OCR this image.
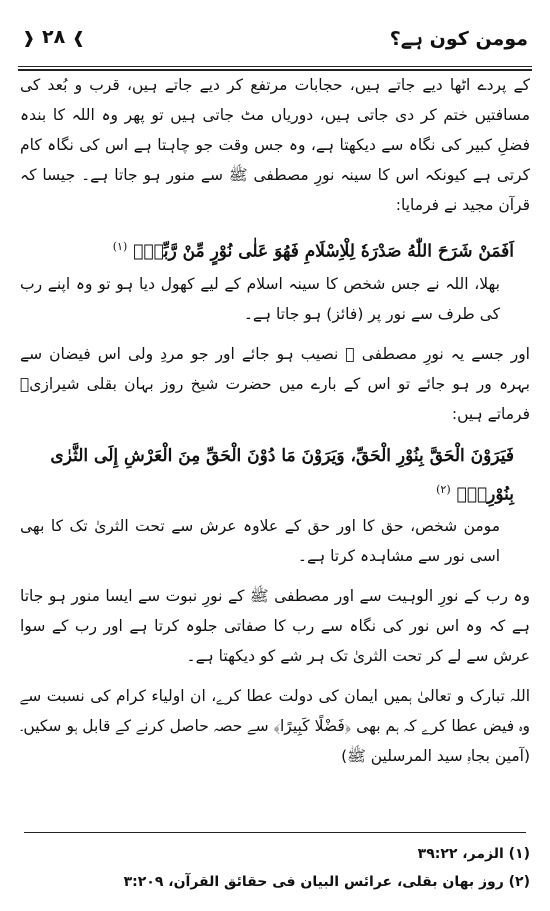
مومن کون ہے؟
❱ ۲۸ ❰

کے پردے اٹھا دیے جاتے ہیں، حجابات مرتفع کر دیے جاتے ہیں، قرب و بُعد کی مسافتیں ختم کر دی جاتی ہیں، دوریاں مٹ جاتی ہیں تو پھر وہ اللہ کا بندہ فضلِ کبیر کی نگاہ سے دیکھتا ہے، وہ جس وقت جو چاہتا ہے اس کی نگاہ کام کرتی ہے کیونکہ اس کا سینہ نورِ مصطفی ﷺ سے منور ہو جاتا ہے۔ جیسا کہ قرآن مجید نے فرمایا:

اَفَمَنْ شَرَحَ اللّٰهُ صَدْرَهٗ لِلْاِسْلَامِ فَهُوَ عَلٰى نُوْرٍ مِّنْ رَّبِّهٖ۔ $^{(۱)}$

بھلا، اللہ نے جس شخص کا سینہ اسلام کے لیے کھول دیا ہو تو وہ اپنے رب کی طرف سے نور پر (فائز) ہو جاتا ہے۔

اور جسے یہ نورِ مصطفی ﷺ نصیب ہو جائے اور جو مردِ ولی اس فیضان سے بہرہ ور ہو جائے تو اس کے بارے میں حضرت شیخ روز بہان بقلی شیرازیؒ فرماتے ہیں:

فَیَرَوْنَ الْحَقَّ بِنُوْرِ الْحَقِّ، وَیَرَوْنَ مَا دُوْنَ الْحَقِّ مِنَ الْعَرْشِ إِلَى الثَّرٰى بِنُوْرِهٖ۔ $^{(۲)}$

مومن شخص، حق کا اور حق کے علاوہ عرش سے تحت الثریٰ تک کا بھی اسی نور سے مشاہدہ کرتا ہے۔

وہ رب کے نورِ الوہیت سے اور مصطفی ﷺ کے نورِ نبوت سے ایسا منور ہو جاتا ہے کہ وہ اس نور کی نگاہ سے رب کا صفاتی جلوہ کرتا ہے اور رب کے سوا عرش سے لے کر تحت الثریٰ تک ہر شے کو دیکھتا ہے۔

اللہ تبارک و تعالیٰ ہمیں ایمان کی دولت عطا کرے، ان اولیاء کرام کی نسبت سے وہ فیض عطا کرے کہ ہم بھی ﴿فَضْلًا كَبِيرًا﴾ سے حصہ حاصل کرنے کے قابل ہو سکیں۔ (آمین بجاہِ سید المرسلین ﷺ)

(۱) الزمر، ۳۹:۲۲

(۲) روز بهان بقلی، عرائس البیان فی حقائق القرآن، ۳:۲۰۹
